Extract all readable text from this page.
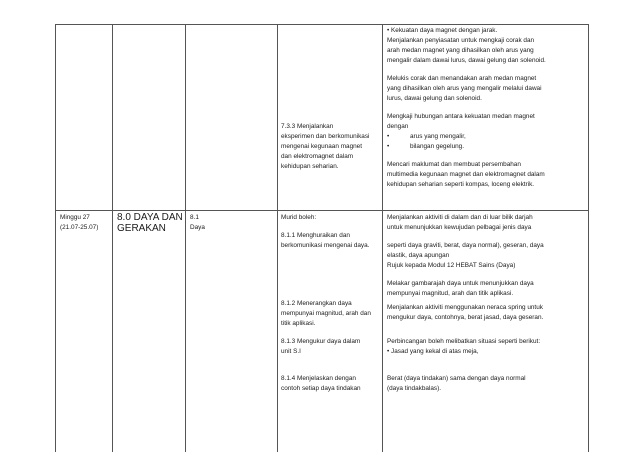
• Kekuatan daya magnet dengan jarak.
Menjalankan penyiasatan untuk mengkaji corak dan
arah medan magnet yang dihasilkan oleh arus yang
mengalir dalam dawai lurus, dawai gelung dan solenoid.
Melukis corak dan menandakan arah medan magnet
yang dihasilkan oleh arus yang mengalir melalui dawai
lurus, dawai gelung dan solenoid.
Mengkaji hubungan antara kekuatan medan magnet
dengan
•	arus yang mengalir,
•	bilangan gegelung.
Mencari maklumat dan membuat persembahan
multimedia kegunaan magnet dan elektromagnet dalam
kehidupan seharian seperti kompas, loceng elektrik.
7.3.3 Menjalankan
eksperimen dan berkomunikasi
mengenai kegunaan magnet
dan elektromagnet dalam
kehidupan seharian.
Minggu 27
(21.07-25.07)
8.0 DAYA DAN
GERAKAN
8.1
Daya
Murid boleh:
8.1.1 Menghuraikan dan
berkomunikasi mengenai daya.
8.1.2 Menerangkan daya
mempunyai magnitud, arah dan
titik aplikasi.
8.1.3 Mengukur daya dalam
unit S.I
8.1.4 Menjelaskan dengan
contoh setiap daya tindakan
Menjalankan aktiviti di dalam dan di luar bilik darjah
untuk menunjukkan kewujudan pelbagai jenis daya
seperti daya graviti, berat, daya normal), geseran, daya
elastik, daya apungan
Rujuk kepada Modul 12 HEBAT Sains (Daya)
Melakar gambarajah daya untuk menunjukkan daya
mempunyai magnitud, arah dan titik aplikasi.
Menjalankan aktiviti menggunakan neraca spring untuk
mengukur daya, contohnya, berat jasad, daya geseran.
Perbincangan boleh melibatkan situasi seperti berikut:
• Jasad yang kekal di atas meja,
Berat (daya tindakan) sama dengan daya normal
(daya tindakbalas).
